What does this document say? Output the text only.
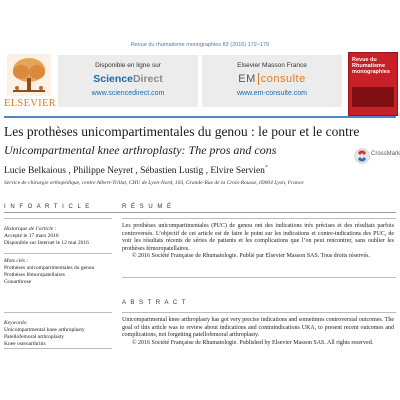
Revue du rhumatisme monographies 83 (2016) 172–179
ELSEVIER
Disponible en ligne sur
ScienceDirect
www.sciencedirect.com
Elsevier Masson France
EM consulte
www.em-consulte.com
Revue du Rhumatisme monographies
Les prothèses unicompartimentales du genou : le pour et le contre
Unicompartmental knee arthroplasty: The pros and cons
Lucie Belkaious , Philippe Neyret , Sébastien Lustig , Elvire Servien*
Service de chirurgie orthopédique, centre Albert-Trillat, CHU de Lyon-Nord, 103, Grande-Rue de la Croix-Rousse, 69004 Lyon, France
CrossMark
I N F O A R T I C L E	R É S U M É
Historique de l’article :
Accepté le 17 mars 2016
Disponible sur Internet le 12 mai 2016
Mots clés :
Prothèses unicompartimentales du genou
Prothèses fémoropatellaires
Gonarthrose
Les prothèses unicompartimentales (PUC) de genou ont des indications très précises et des résultats parfois controversés. L’objectif de cet article est de faire le point sur les indications et contre-indications des PUC, de voir les résultats récents de séries de patients et les complications que l’on peut rencontrer, sans oublier les prothèses fémoropatellaires.
© 2016 Société Française de Rhumatologie. Publié par Elsevier Masson SAS. Tous droits réservés.
A B S T R A C T
Keywords:
Unicompartmental knee arthroplasty
Patellofemoral arthroplasty
Knee osteoarthritis
Unicompartmental knee arthroplasty has got very precise indications and sometimes controversial outcomes. The goal of this article was to review about indications and contraindications UKA, to present recent outcomes and complications, not forgetting patellofemoral arthroplasty.
© 2016 Société Française de Rhumatologie. Published by Elsevier Masson SAS. All rights reserved.
